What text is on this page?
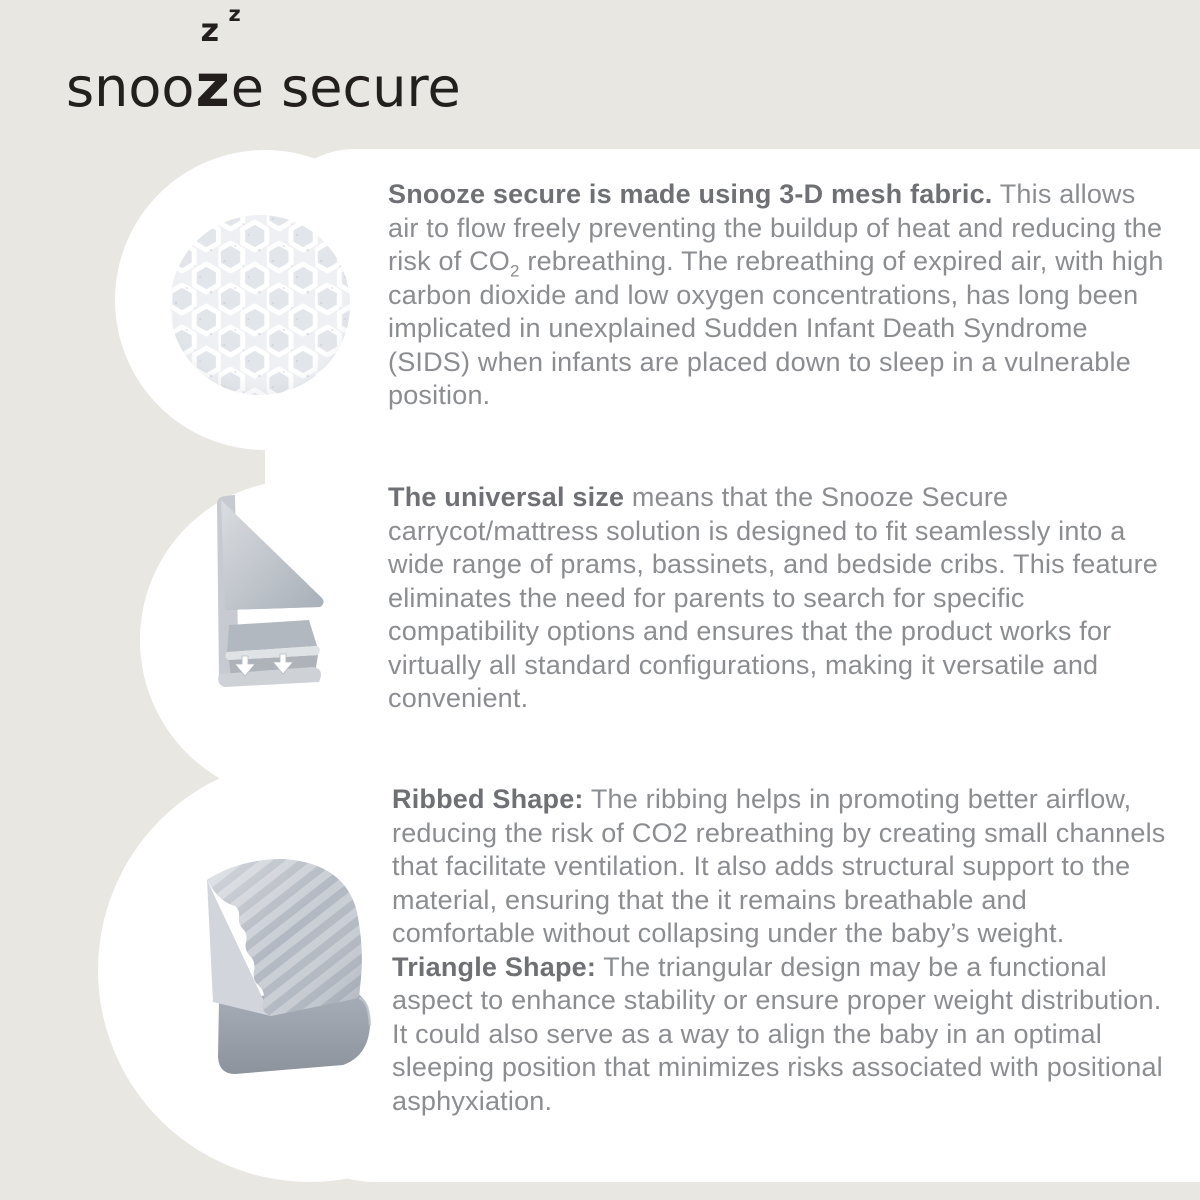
snoo z
z z
e secure
Snooze secure is made using 3-D mesh fabric. This allows air to flow freely preventing the buildup of heat and reducing the risk of $CO_2$ rebreathing. The rebreathing of expired air, with high carbon dioxide and low oxygen concentrations, has long been implicated in unexplained Sudden Infant Death Syndrome (SIDS) when infants are placed down to sleep in a vulnerable position.
The universal size means that the Snooze Secure carrycot/mattress solution is designed to fit seamlessly into a wide range of prams, bassinets, and bedside cribs. This feature eliminates the need for parents to search for specific compatibility options and ensures that the product works for virtually all standard configurations, making it versatile and convenient.
Ribbed Shape: The ribbing helps in promoting better airflow, reducing the risk of CO2 rebreathing by creating small channels that facilitate ventilation. It also adds structural support to the material, ensuring that the it remains breathable and comfortable without collapsing under the baby’s weight.
Triangle Shape: The triangular design may be a functional aspect to enhance stability or ensure proper weight distribution. It could also serve as a way to align the baby in an optimal sleeping position that minimizes risks associated with positional asphyxiation.
